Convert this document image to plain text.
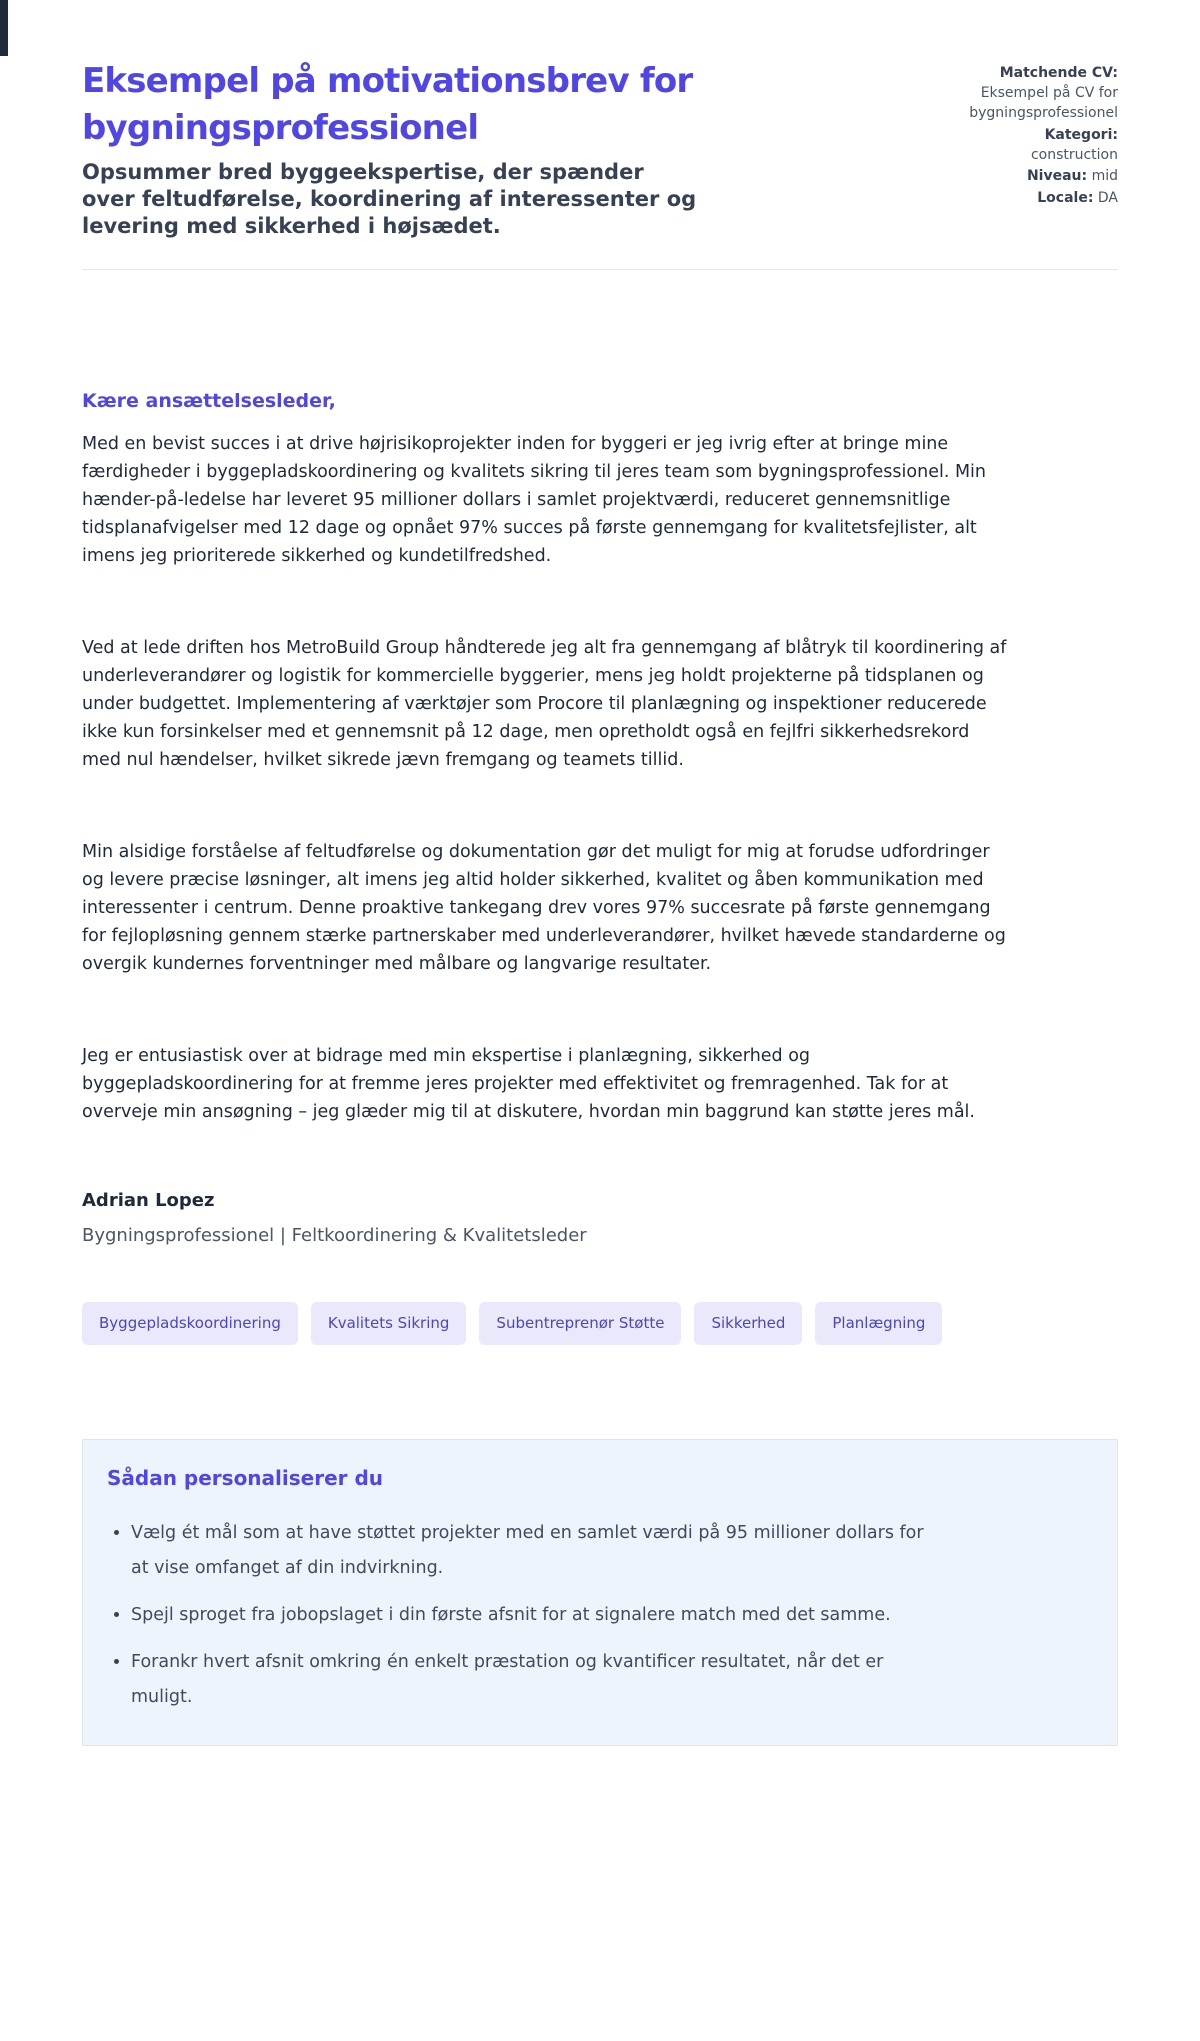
Eksempel på motivationsbrev for bygningsprofessionel

Opsummer bred byggeekspertise, der spænder over feltudførelse, koordinering af interessenter og levering med sikkerhed i højsædet.

Matchende CV:
Eksempel på CV for bygningsprofessionel
Kategori:
construction
Niveau: mid
Locale: DA

Kære ansættelsesleder,

Med en bevist succes i at drive højrisikoprojekter inden for byggeri er jeg ivrig efter at bringe mine færdigheder i byggepladskoordinering og kvalitets sikring til jeres team som bygningsprofessionel. Min hænder-på-ledelse har leveret 95 millioner dollars i samlet projektværdi, reduceret gennemsnitlige tidsplanafvigelser med 12 dage og opnået 97% succes på første gennemgang for kvalitetsfejlister, alt imens jeg prioriterede sikkerhed og kundetilfredshed.

Ved at lede driften hos MetroBuild Group håndterede jeg alt fra gennemgang af blåtryk til koordinering af underleverandører og logistik for kommercielle byggerier, mens jeg holdt projekterne på tidsplanen og under budgettet. Implementering af værktøjer som Procore til planlægning og inspektioner reducerede ikke kun forsinkelser med et gennemsnit på 12 dage, men opretholdt også en fejlfri sikkerhedsrekord med nul hændelser, hvilket sikrede jævn fremgang og teamets tillid.

Min alsidige forståelse af feltudførelse og dokumentation gør det muligt for mig at forudse udfordringer og levere præcise løsninger, alt imens jeg altid holder sikkerhed, kvalitet og åben kommunikation med interessenter i centrum. Denne proaktive tankegang drev vores 97% succesrate på første gennemgang for fejlopløsning gennem stærke partnerskaber med underleverandører, hvilket hævede standarderne og overgik kundernes forventninger med målbare og langvarige resultater.

Jeg er entusiastisk over at bidrage med min ekspertise i planlægning, sikkerhed og byggepladskoordinering for at fremme jeres projekter med effektivitet og fremragenhed. Tak for at overveje min ansøgning – jeg glæder mig til at diskutere, hvordan min baggrund kan støtte jeres mål.

Adrian Lopez

Bygningsprofessionel | Feltkoordinering & Kvalitetsleder

Byggepladskoordinering	Kvalitets Sikring	Subentreprenør Støtte	Sikkerhed	Planlægning
Sådan personaliserer du
• Vælg ét mål som at have støttet projekter med en samlet værdi på 95 millioner dollars for at vise omfanget af din indvirkning.
• Spejl sproget fra jobopslaget i din første afsnit for at signalere match med det samme.
• Forankr hvert afsnit omkring én enkelt præstation og kvantificer resultatet, når det er muligt.
